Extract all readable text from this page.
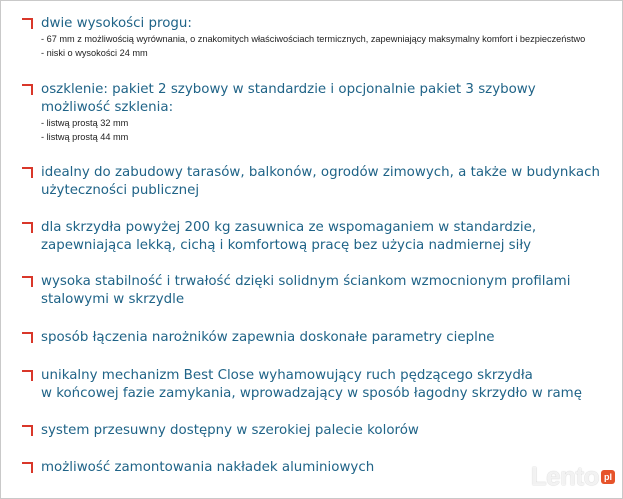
dwie wysokości progu:
- 67 mm z możliwością wyrównania, o znakomitych właściwościach termicznych, zapewniający maksymalny komfort i bezpieczeństwo
- niski o wysokości 24 mm
oszklenie: pakiet 2 szybowy w standardzie i opcjonalnie pakiet 3 szybowy
możliwość szklenia:
- listwą prostą 32 mm
- listwą prostą 44 mm
idealny do zabudowy tarasów, balkonów, ogrodów zimowych, a także w budynkach
użyteczności publicznej
dla skrzydła powyżej 200 kg zasuwnica ze wspomaganiem w standardzie,
zapewniająca lekką, cichą i komfortową pracę bez użycia nadmiernej siły
wysoka stabilność i trwałość dzięki solidnym ściankom wzmocnionym profilami
stalowymi w skrzydle
sposób łączenia narożników zapewnia doskonałe parametry cieplne
unikalny mechanizm Best Close wyhamowujący ruch pędzącego skrzydła
w końcowej fazie zamykania, wprowadzający w sposób łagodny skrzydło w ramę
system przesuwny dostępny w szerokiej palecie kolorów
możliwość zamontowania nakładek aluminiowych	Lento pl
